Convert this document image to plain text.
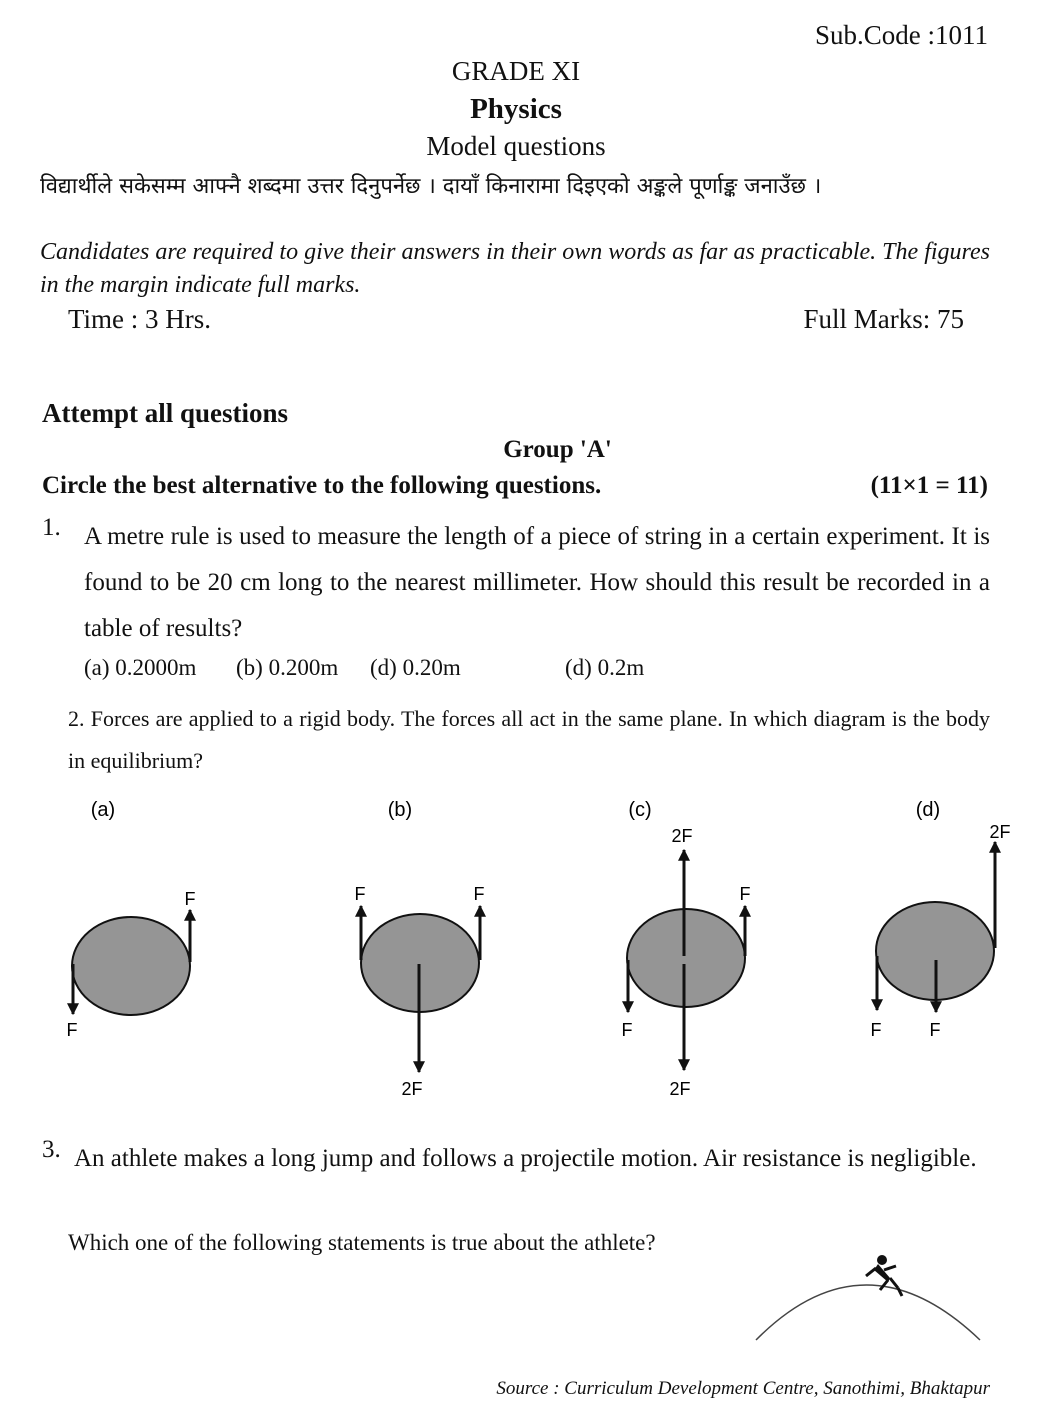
Sub.Code :1011
GRADE XI
Physics
Model questions
विद्यार्थीले सकेसम्म आफ्नै शब्दमा उत्तर दिनुपर्नेछ । दायाँ किनारामा दिइएको अङ्कले पूर्णाङ्क जनाउँछ ।
Candidates are required to give their answers in their own words as far as practicable. The figures in the margin indicate full marks.
Time : 3 Hrs.	Full Marks: 75
Attempt all questions
Group 'A'
Circle the best alternative to the following questions.	(11×1 = 11)
1. A metre rule is used to measure the length of a piece of string in a certain experiment. It is found to be 20 cm long to the nearest millimeter. How should this result be recorded in a table of results?
(a) 0.2000m (b) 0.200m (d) 0.20m	(d) 0.2m
2. Forces are applied to a rigid body. The forces all act in the same plane. In which diagram is the body in equilibrium?
(a)
F
F
(b)
F	F
2F
(c)
2F
F
F
2F
(d)
2F
F	F
3. An athlete makes a long jump and follows a projectile motion. Air resistance is negligible.
Which one of the following statements is true about the athlete?
Source : Curriculum Development Centre, Sanothimi, Bhaktapur
